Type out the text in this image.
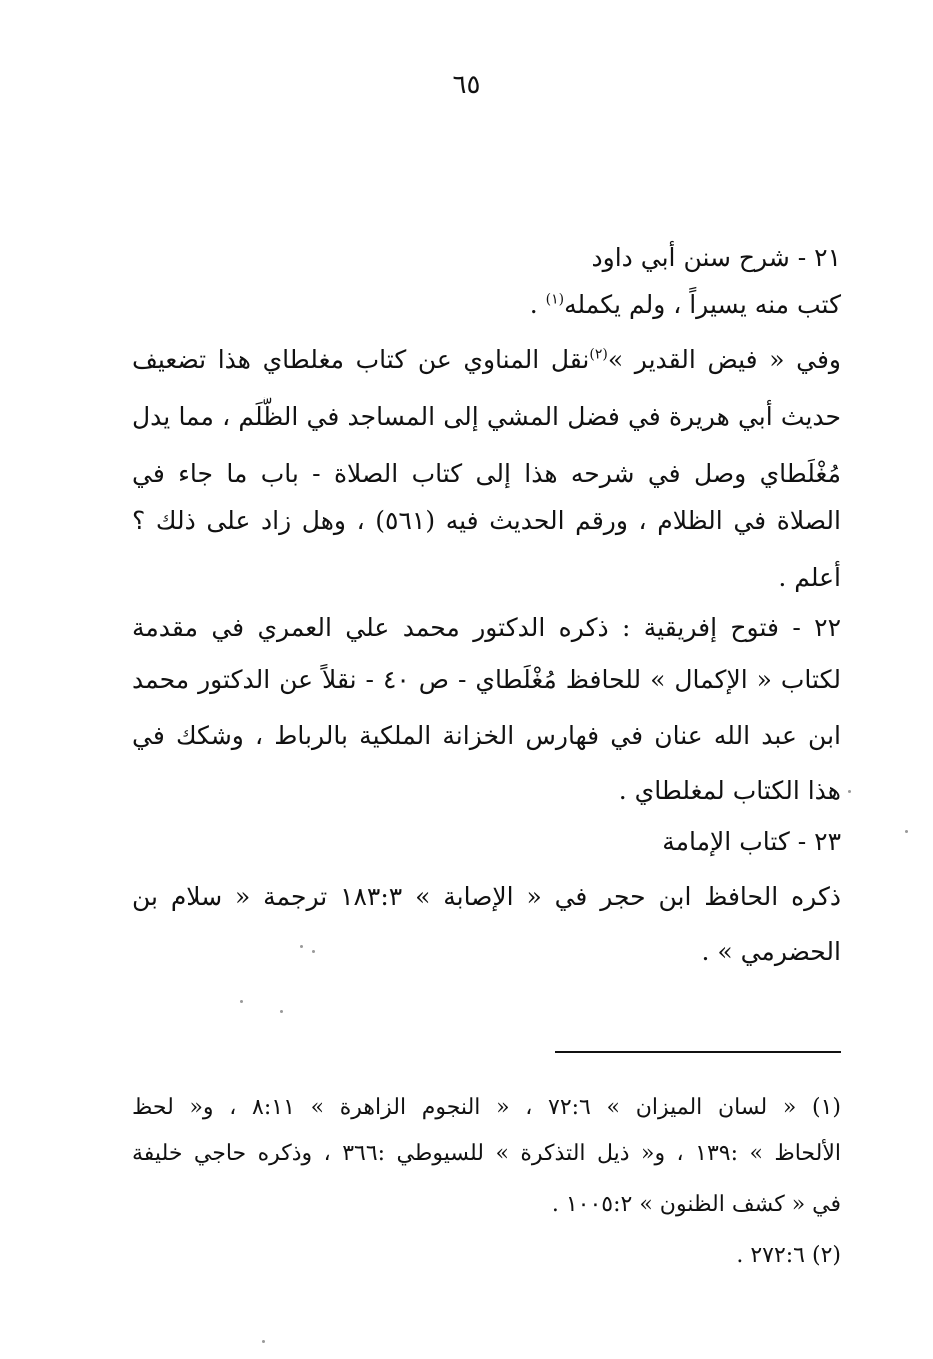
٦٥
٢١ - شرح سنن أبي داود
كتب منه يسيراً ، ولم يكمله$^{(١)}$ .
وفي « فيض القدير »$^{(٢)}$نقل المناوي عن كتاب مغلطاي هذا تضعيف
حديث أبي هريرة في فضل المشي إلى المساجد في الظُّلَم ، مما يدل
مُغْلَطاي وصل في شرحه هذا إلى كتاب الصلاة - باب ما جاء في
الصلاة في الظلام ، ورقم الحديث فيه (٥٦١) ، وهل زاد على ذلك ؟
أعلم .
٢٢ - فتوح إفريقية : ذكره الدكتور محمد علي العمري في مقدمة
لكتاب « الإكمال » للحافظ مُغْلَطاي - ص ٤٠ - نقلاً عن الدكتور محمد
ابن عبد الله عنان في فهارس الخزانة الملكية بالرباط ، وشكك في
هذا الكتاب لمغلطاي .
٢٣ - كتاب الإمامة
ذكره الحافظ ابن حجر في « الإصابة » ١٨٣:٣ ترجمة « سلام بن
الحضرمي » .
(١) « لسان الميزان » ٧٢:٦ ، « النجوم الزاهرة » ٨:١١ ، و« لحظ
الألحاظ » :١٣٩ ، و« ذيل التذكرة » للسيوطي :٣٦٦ ، وذكره حاجي خليفة
في « كشف الظنون » ١٠٠٥:٢ .
(٢) ٢٧٢:٦ .
